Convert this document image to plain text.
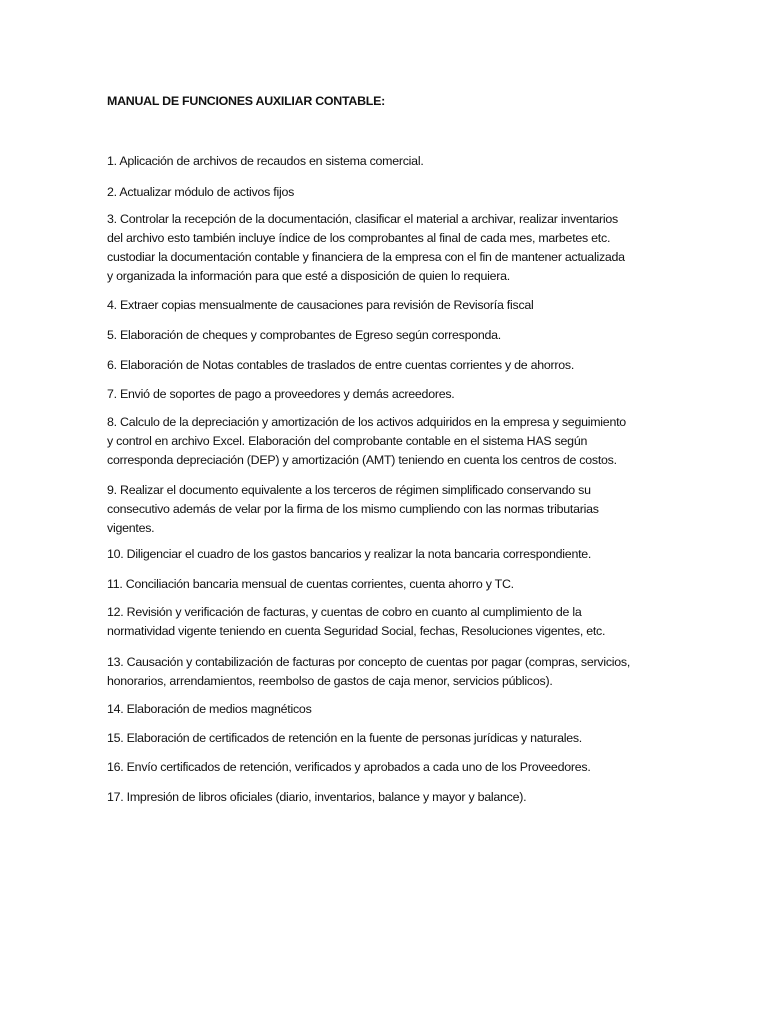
MANUAL DE FUNCIONES AUXILIAR CONTABLE:
1. Aplicación de archivos de recaudos en sistema comercial.
2. Actualizar módulo de activos fijos
3. Controlar la recepción de la documentación, clasificar el material a archivar, realizar inventarios
del archivo esto también incluye índice de los comprobantes al final de cada mes, marbetes etc.
custodiar la documentación contable y financiera de la empresa con el fin de mantener actualizada
y organizada la información para que esté a disposición de quien lo requiera.
4. Extraer copias mensualmente de causaciones para revisión de Revisoría fiscal
5. Elaboración de cheques y comprobantes de Egreso según corresponda.
6. Elaboración de Notas contables de traslados de entre cuentas corrientes y de ahorros.
7. Envió de soportes de pago a proveedores y demás acreedores.
8. Calculo de la depreciación y amortización de los activos adquiridos en la empresa y seguimiento
y control en archivo Excel. Elaboración del comprobante contable en el sistema HAS según
corresponda depreciación (DEP) y amortización (AMT) teniendo en cuenta los centros de costos.
9. Realizar el documento equivalente a los terceros de régimen simplificado conservando su
consecutivo además de velar por la firma de los mismo cumpliendo con las normas tributarias
vigentes.
10. Diligenciar el cuadro de los gastos bancarios y realizar la nota bancaria correspondiente.
11. Conciliación bancaria mensual de cuentas corrientes, cuenta ahorro y TC.
12. Revisión y verificación de facturas, y cuentas de cobro en cuanto al cumplimiento de la
normatividad vigente teniendo en cuenta Seguridad Social, fechas, Resoluciones vigentes, etc.
13. Causación y contabilización de facturas por concepto de cuentas por pagar (compras, servicios,
honorarios, arrendamientos, reembolso de gastos de caja menor, servicios públicos).
14. Elaboración de medios magnéticos
15. Elaboración de certificados de retención en la fuente de personas jurídicas y naturales.
16. Envío certificados de retención, verificados y aprobados a cada uno de los Proveedores.
17. Impresión de libros oficiales (diario, inventarios, balance y mayor y balance).
